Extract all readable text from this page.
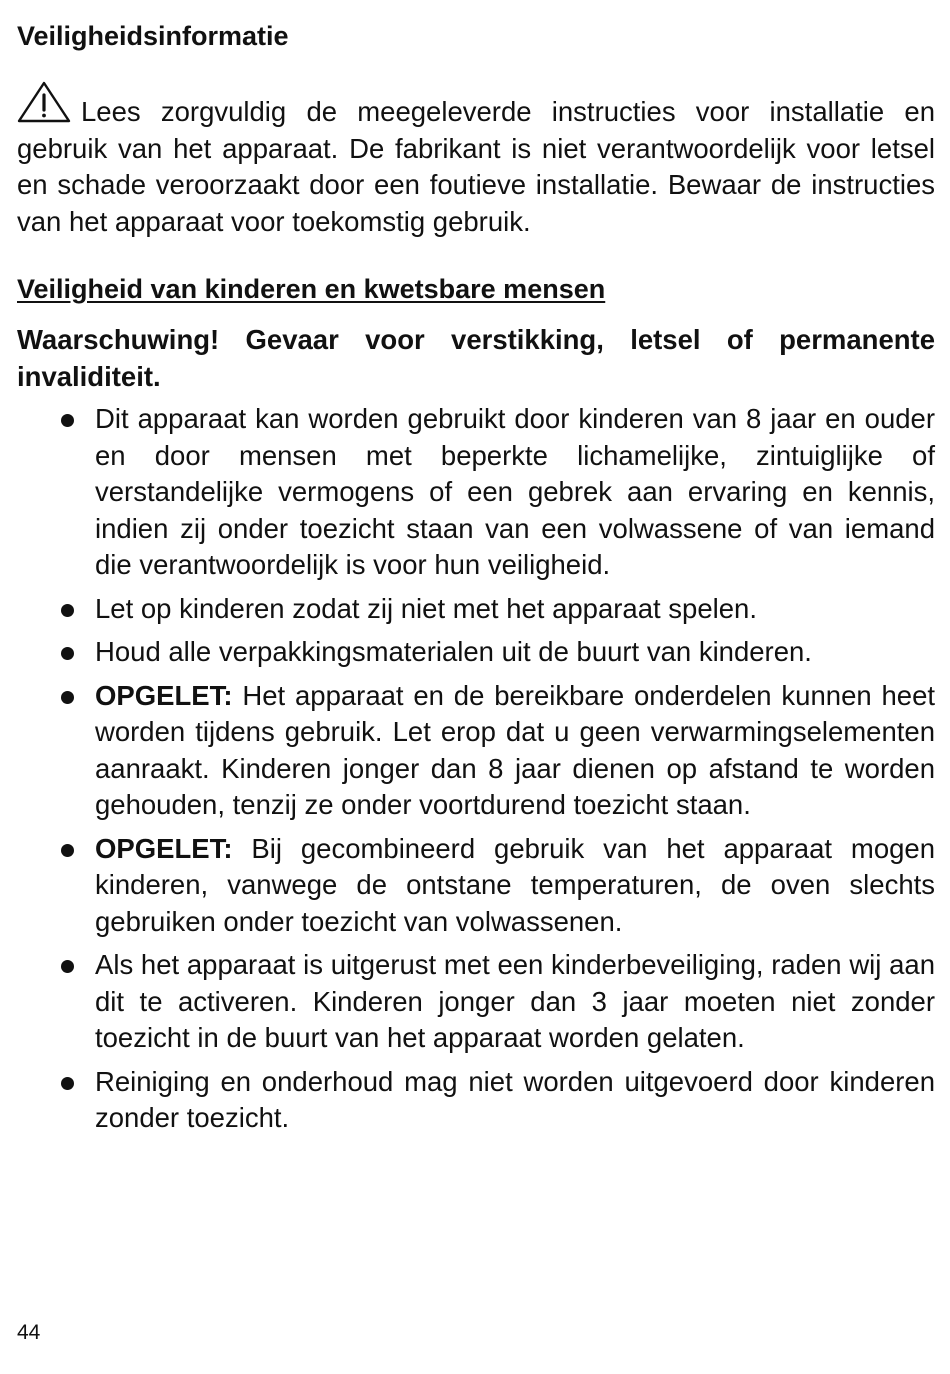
Veiligheidsinformatie

Lees zorgvuldig de meegeleverde instructies voor installatie en gebruik van het apparaat. De fabrikant is niet verantwoordelijk voor letsel en schade veroorzaakt door een foutieve installatie. Bewaar de instructies van het apparaat voor toekomstig gebruik.

Veiligheid van kinderen en kwetsbare mensen

Waarschuwing! Gevaar voor verstikking, letsel of permanente invaliditeit.

Dit apparaat kan worden gebruikt door kinderen van 8 jaar en ouder en door mensen met beperkte lichamelijke, zintuiglijke of verstandelijke vermogens of een gebrek aan ervaring en kennis, indien zij onder toezicht staan van een volwassene of van iemand die verantwoordelijk is voor hun veiligheid.
Let op kinderen zodat zij niet met het apparaat spelen.
Houd alle verpakkingsmaterialen uit de buurt van kinderen.
OPGELET: Het apparaat en de bereikbare onderdelen kunnen heet worden tijdens gebruik. Let erop dat u geen verwarmingselementen aanraakt. Kinderen jonger dan 8 jaar dienen op afstand te worden gehouden, tenzij ze onder voortdurend toezicht staan.
OPGELET: Bij gecombineerd gebruik van het apparaat mogen kinderen, vanwege de ontstane temperaturen, de oven slechts gebruiken onder toezicht van volwassenen.
Als het apparaat is uitgerust met een kinderbeveiliging, raden wij aan dit te activeren. Kinderen jonger dan 3 jaar moeten niet zonder toezicht in de buurt van het apparaat worden gelaten.
Reiniging en onderhoud mag niet worden uitgevoerd door kinderen zonder toezicht.
44
